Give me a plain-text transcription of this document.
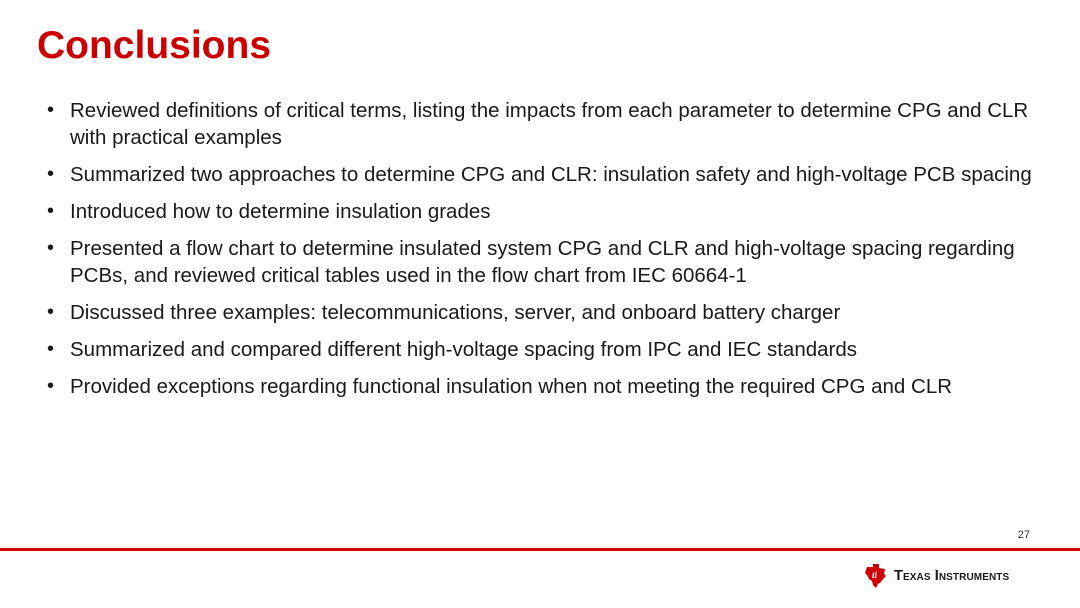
Conclusions
• Reviewed definitions of critical terms, listing the impacts from each parameter to determine CPG and CLR with practical examples
• Summarized two approaches to determine CPG and CLR: insulation safety and high-voltage PCB spacing
• Introduced how to determine insulation grades
• Presented a flow chart to determine insulated system CPG and CLR and high-voltage spacing regarding PCBs, and reviewed critical tables used in the flow chart from IEC 60664-1
• Discussed three examples: telecommunications, server, and onboard battery charger
• Summarized and compared different high-voltage spacing from IPC and IEC standards
• Provided exceptions regarding functional insulation when not meeting the required CPG and CLR
27
ti Texas Instruments
